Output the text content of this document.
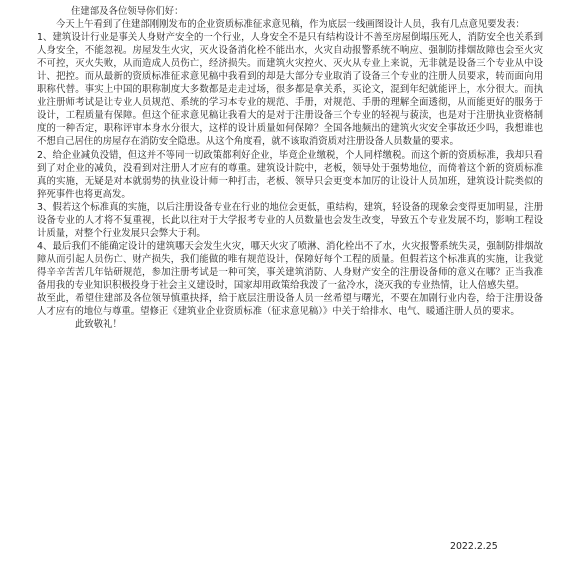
住建部及各位领导你们好：

今天上午看到了住建部刚刚发布的企业资质标准征求意见稿，作为底层一线画图设计人员，我有几点意见要发表：

1、建筑设计行业是事关人身财产安全的一个行业，人身安全不是只有结构设计不善至房屋倒塌压死人，消防安全也关系到人身安全，不能忽视。房屋发生火灾，灭火设备消化栓不能出水，火灾自动报警系统不响应、强制防排烟故障也会至火灾不可控，灭火失败，从而造成人员伤亡，经济损失。而建筑火灾控火、灭火从专业上来说，无非就是设备三个专业从中设计、把控。而从最新的资质标准征求意见稿中我看到的却是大部分专业取消了设备三个专业的注册人员要求，转而面向用职称代替。事实上中国的职称制度大多数都是走走过场，很多都是拿关系，买论文，混到年纪就能评上，水分很大。而执业注册师考试是让专业人员规范、系统的学习本专业的规范、手册，对规范、手册的理解全面透彻，从而能更好的服务于设计，工程质量有保障。但这个征求意见稿让我看大的是对于注册设备三个专业的轻视与藐渎，也是对于注册执业资格制度的一种否定，职称评审本身水分很大，这样的设计质量如何保障？全国各地频出的建筑火灾安全事故还少吗，我想谁也不想自己居住的房屋存在消防安全隐患。从这个角度看，就不该取消资质对注册设备人员数量的要求。

2、给企业减负没错，但这并不等同一切政策都利好企业，毕竟企业缴税，个人同样缴税。而这个新的资质标准，我却只看到了对企业的减负，没看到对注册人才应有的尊重。建筑设计院中，老板，领导处于强势地位，而倚着这个新的资质标准真的实施，无疑是对本就弱势的执业设计师一种打击，老板、领导只会更变本加厉的让设计人员加班，建筑设计院类似的猝死事件也将更高发。

3、假若这个标准真的实施，以后注册设备专业在行业的地位会更低，重结构，建筑，轻设备的现象会变得更加明显，注册设备专业的人才将不复重视，长此以往对于大学报考专业的人员数量也会发生改变，导致五个专业发展不均，影响工程设计质量，对整个行业发展只会弊大于利。

4、最后我们不能确定设计的建筑哪天会发生火灾，哪天火灾了喷淋、消化栓出不了水，火灾报警系统失灵，强制防排烟故障从而引起人员伤亡、财产损失，我们能做的唯有规范设计，保障好每个工程的质量。但假若这个标准真的实施，让我觉得辛辛苦苦几年钻研规范，参加注册考试是一种可笑，事关建筑消防、人身财产安全的注册设备师的意义在哪？正当我准备用我的专业知识积极投身于社会主义建设时，国家却用政策给我泼了一盆冷水，浇灭我的专业热情，让人倍感失望。

故至此，希望住建部及各位领导慎重抉择，给于底层注册设备人员一丝希望与曙光，不要在加剧行业内卷，给于注册设备人才应有的地位与尊重。望修正《建筑业企业资质标准（征求意见稿）》中关于给排水、电气、暖通注册人员的要求。

此致敬礼！

2022.2.25
